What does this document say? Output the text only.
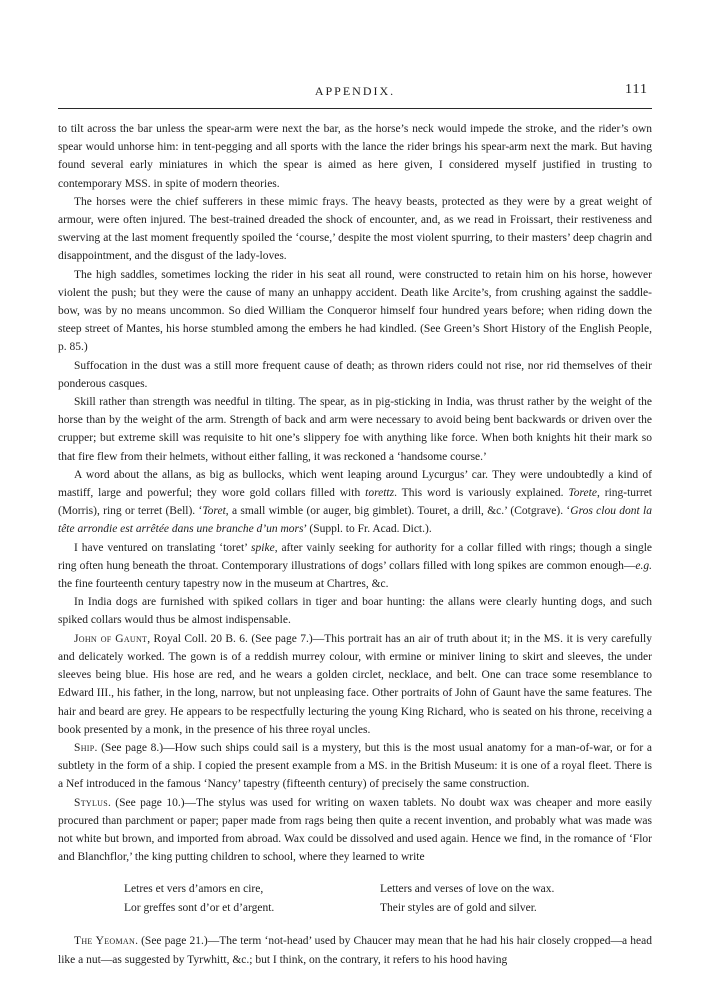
APPENDIX.	111

to tilt across the bar unless the spear-arm were next the bar, as the horse’s neck would impede the stroke, and the rider’s own spear would unhorse him: in tent-pegging and all sports with the lance the rider brings his spear-arm next the mark. But having found several early miniatures in which the spear is aimed as here given, I considered myself justified in trusting to contemporary MSS. in spite of modern theories.

The horses were the chief sufferers in these mimic frays. The heavy beasts, protected as they were by a great weight of armour, were often injured. The best-trained dreaded the shock of encounter, and, as we read in Froissart, their restiveness and swerving at the last moment frequently spoiled the ‘course,’ despite the most violent spurring, to their masters’ deep chagrin and disappointment, and the disgust of the lady-loves.

The high saddles, sometimes locking the rider in his seat all round, were constructed to retain him on his horse, however violent the push; but they were the cause of many an unhappy accident. Death like Arcite’s, from crushing against the saddle-bow, was by no means uncommon. So died William the Conqueror himself four hundred years before; when riding down the steep street of Mantes, his horse stumbled among the embers he had kindled. (See Green’s Short History of the English People, p. 85.)

Suffocation in the dust was a still more frequent cause of death; as thrown riders could not rise, nor rid themselves of their ponderous casques.

Skill rather than strength was needful in tilting. The spear, as in pig-sticking in India, was thrust rather by the weight of the horse than by the weight of the arm. Strength of back and arm were necessary to avoid being bent backwards or driven over the crupper; but extreme skill was requisite to hit one’s slippery foe with anything like force. When both knights hit their mark so that fire flew from their helmets, without either falling, it was reckoned a ‘handsome course.’

A word about the allans, as big as bullocks, which went leaping around Lycurgus’ car. They were undoubtedly a kind of mastiff, large and powerful; they wore gold collars filled with torettz. This word is variously explained. Torete, ring-turret (Morris), ring or terret (Bell). ‘Toret, a small wimble (or auger, big gimblet). Touret, a drill, &c.’ (Cotgrave). ‘Gros clou dont la tête arrondie est arrêtée dans une branche d’un mors’ (Suppl. to Fr. Acad. Dict.).

I have ventured on translating ‘toret’ spike, after vainly seeking for authority for a collar filled with rings; though a single ring often hung beneath the throat. Contemporary illustrations of dogs’ collars filled with long spikes are common enough—e.g. the fine fourteenth century tapestry now in the museum at Chartres, &c.

In India dogs are furnished with spiked collars in tiger and boar hunting: the allans were clearly hunting dogs, and such spiked collars would thus be almost indispensable.

John of Gaunt, Royal Coll. 20 B. 6. (See page 7.)—This portrait has an air of truth about it; in the MS. it is very carefully and delicately worked. The gown is of a reddish murrey colour, with ermine or miniver lining to skirt and sleeves, the under sleeves being blue. His hose are red, and he wears a golden circlet, necklace, and belt. One can trace some resemblance to Edward III., his father, in the long, narrow, but not unpleasing face. Other portraits of John of Gaunt have the same features. The hair and beard are grey. He appears to be respectfully lecturing the young King Richard, who is seated on his throne, receiving a book presented by a monk, in the presence of his three royal uncles.

Ship. (See page 8.)—How such ships could sail is a mystery, but this is the most usual anatomy for a man-of-war, or for a subtlety in the form of a ship. I copied the present example from a MS. in the British Museum: it is one of a royal fleet. There is a Nef introduced in the famous ‘Nancy’ tapestry (fifteenth century) of precisely the same construction.

Stylus. (See page 10.)—The stylus was used for writing on waxen tablets. No doubt wax was cheaper and more easily procured than parchment or paper; paper made from rags being then quite a recent invention, and probably what was made was not white but brown, and imported from abroad. Wax could be dissolved and used again. Hence we find, in the romance of ‘Flor and Blanchflor,’ the king putting children to school, where they learned to write

Letres et vers d’amors en cire,
Lor greffes sont d’or et d’argent.
Letters and verses of love on the wax.
Their styles are of gold and silver.

The Yeoman. (See page 21.)—The term ‘not-head’ used by Chaucer may mean that he had his hair closely cropped—a head like a nut—as suggested by Tyrwhitt, &c.; but I think, on the contrary, it refers to his hood having
